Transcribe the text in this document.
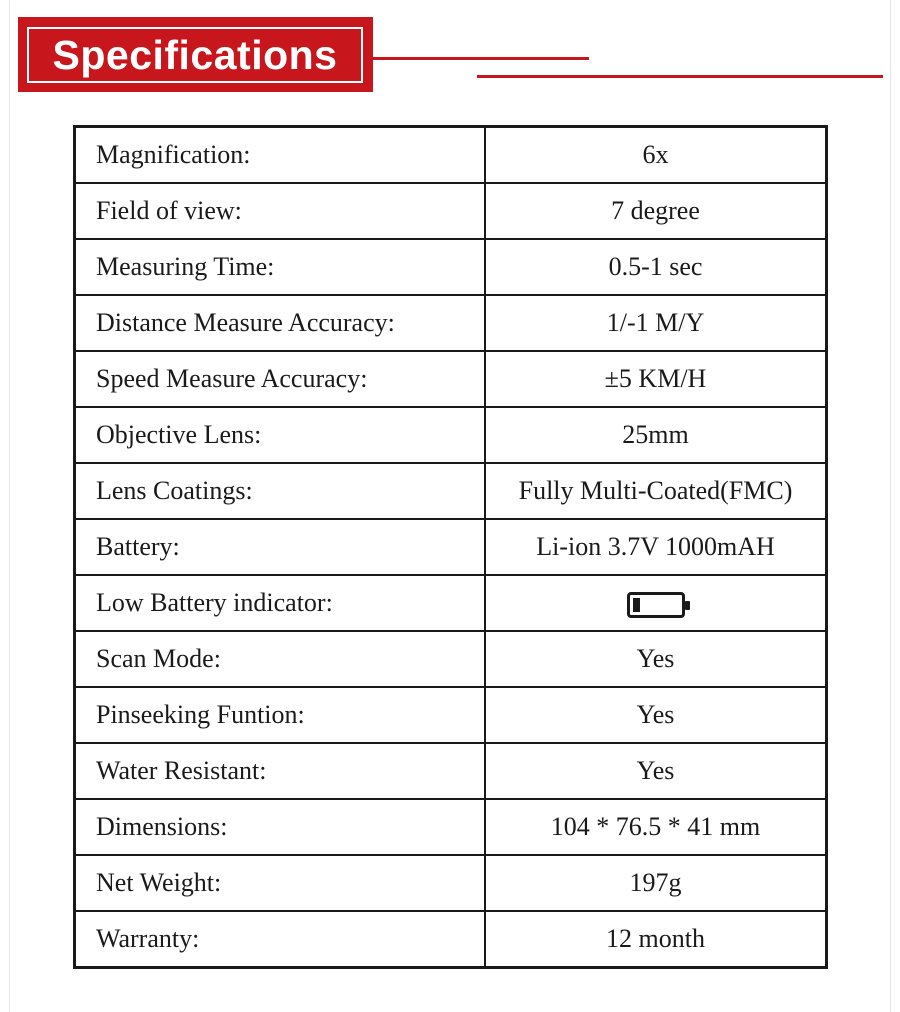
Specifications
Magnification:	6x
Field of view:	7 degree
Measuring Time:	0.5-1 sec
Distance Measure Accuracy:	1/-1 M/Y
Speed Measure Accuracy:	±5 KM/H
Objective Lens:	25mm
Lens Coatings:	Fully Multi-Coated(FMC)
Battery:	Li-ion 3.7V 1000mAH
Low Battery indicator:	

Scan Mode:	Yes
Pinseeking Funtion:	Yes
Water Resistant:	Yes
Dimensions:	104 * 76.5 * 41 mm
Net Weight:	197g
Warranty:	12 month
